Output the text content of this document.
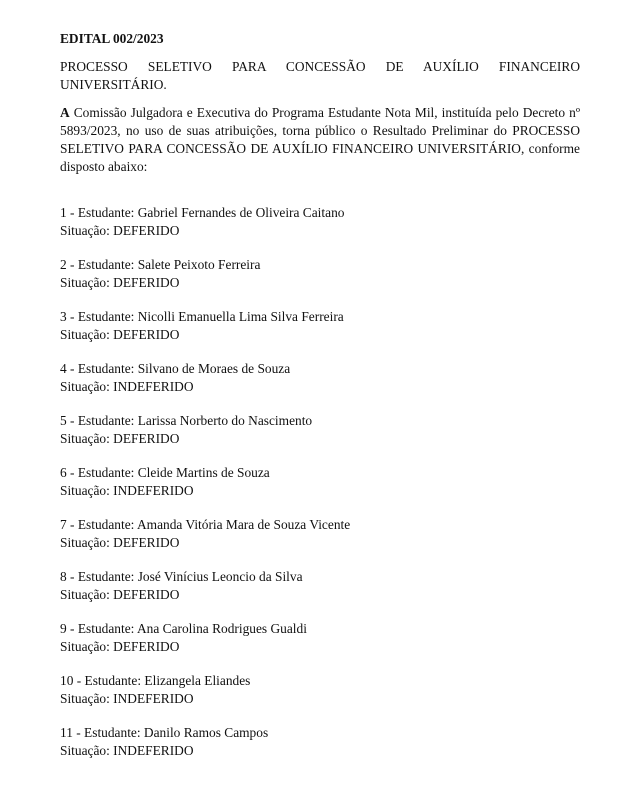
EDITAL 002/2023

PROCESSO SELETIVO PARA CONCESSÃO DE AUXÍLIO FINANCEIRO UNIVERSITÁRIO.

A Comissão Julgadora e Executiva do Programa Estudante Nota Mil, instituída pelo Decreto nº 5893/2023, no uso de suas atribuições, torna público o Resultado Preliminar do PROCESSO SELETIVO PARA CONCESSÃO DE AUXÍLIO FINANCEIRO UNIVERSITÁRIO, conforme disposto abaixo:

1 - Estudante: Gabriel Fernandes de Oliveira Caitano
Situação: DEFERIDO
2 - Estudante: Salete Peixoto Ferreira
Situação: DEFERIDO
3 - Estudante: Nicolli Emanuella Lima Silva Ferreira
Situação: DEFERIDO
4 - Estudante: Silvano de Moraes de Souza
Situação: INDEFERIDO
5 - Estudante: Larissa Norberto do Nascimento
Situação: DEFERIDO
6 - Estudante: Cleide Martins de Souza
Situação: INDEFERIDO
7 - Estudante: Amanda Vitória Mara de Souza Vicente
Situação: DEFERIDO
8 - Estudante: José Vinícius Leoncio da Silva
Situação: DEFERIDO
9 - Estudante: Ana Carolina Rodrigues Gualdi
Situação: DEFERIDO
10 - Estudante: Elizangela Eliandes
Situação: INDEFERIDO
11 - Estudante: Danilo Ramos Campos
Situação: INDEFERIDO
